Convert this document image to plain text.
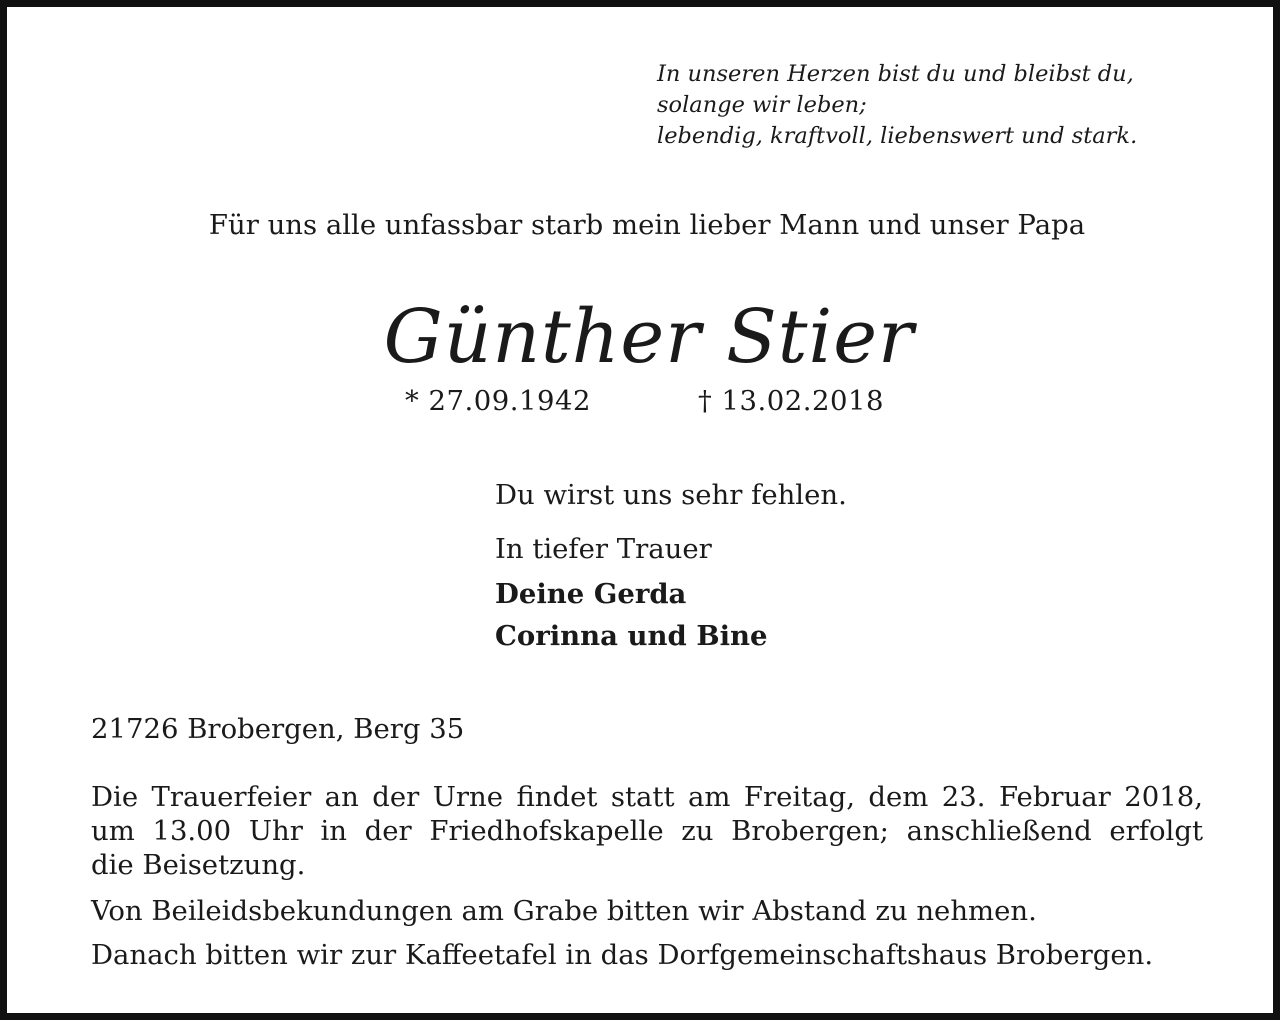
In unseren Herzen bist du und bleibst du,
solange wir leben;
lebendig, kraftvoll, liebenswert und stark.
Für uns alle unfassbar starb mein lieber Mann und unser Papa
Günther Stier
* 27.09.1942	† 13.02.2018
Du wirst uns sehr fehlen.
In tiefer Trauer
Deine Gerda
Corinna und Bine
21726 Brobergen, Berg 35
Die Trauerfeier an der Urne findet statt am Freitag, dem 23. Februar 2018,
um 13.00 Uhr in der Friedhofskapelle zu Brobergen; anschließend erfolgt
die Beisetzung.
Von Beileidsbekundungen am Grabe bitten wir Abstand zu nehmen.
Danach bitten wir zur Kaffeetafel in das Dorfgemeinschaftshaus Brobergen.
